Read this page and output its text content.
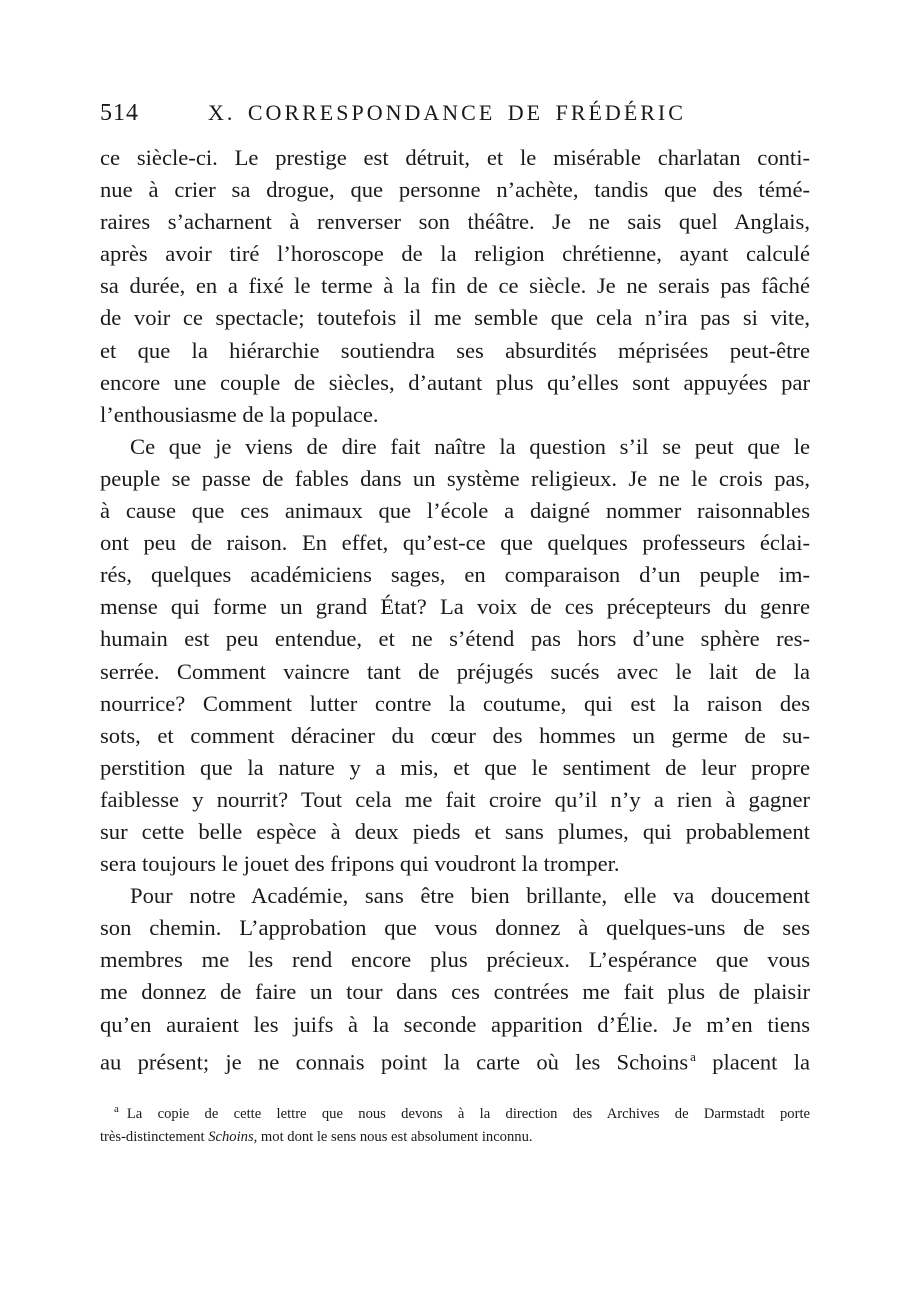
514	X. CORRESPONDANCE DE FRÉDÉRIC
ce siècle-ci. Le prestige est détruit, et le misérable charlatan conti-
nue à crier sa drogue, que personne n’achète, tandis que des témé-
raires s’acharnent à renverser son théâtre. Je ne sais quel Anglais,
après avoir tiré l’horoscope de la religion chrétienne, ayant calculé
sa durée, en a fixé le terme à la fin de ce siècle. Je ne serais pas fâché
de voir ce spectacle; toutefois il me semble que cela n’ira pas si vite,
et que la hiérarchie soutiendra ses absurdités méprisées peut-être
encore une couple de siècles, d’autant plus qu’elles sont appuyées par
l’enthousiasme de la populace.
Ce que je viens de dire fait naître la question s’il se peut que le
peuple se passe de fables dans un système religieux. Je ne le crois pas,
à cause que ces animaux que l’école a daigné nommer raisonnables
ont peu de raison. En effet, qu’est-ce que quelques professeurs éclai-
rés, quelques académiciens sages, en comparaison d’un peuple im-
mense qui forme un grand État? La voix de ces précepteurs du genre
humain est peu entendue, et ne s’étend pas hors d’une sphère res-
serrée. Comment vaincre tant de préjugés sucés avec le lait de la
nourrice? Comment lutter contre la coutume, qui est la raison des
sots, et comment déraciner du cœur des hommes un germe de su-
perstition que la nature y a mis, et que le sentiment de leur propre
faiblesse y nourrit? Tout cela me fait croire qu’il n’y a rien à gagner
sur cette belle espèce à deux pieds et sans plumes, qui probablement
sera toujours le jouet des fripons qui voudront la tromper.
Pour notre Académie, sans être bien brillante, elle va doucement
son chemin. L’approbation que vous donnez à quelques-uns de ses
membres me les rend encore plus précieux. L’espérance que vous
me donnez de faire un tour dans ces contrées me fait plus de plaisir
qu’en auraient les juifs à la seconde apparition d’Élie. Je m’en tiens
au présent; je ne connais point la carte où les Schoins $^a$ placent la
$^a$ La copie de cette lettre que nous devons à la direction des Archives de Darmstadt porte
très-distinctement Schoins, mot dont le sens nous est absolument inconnu.
